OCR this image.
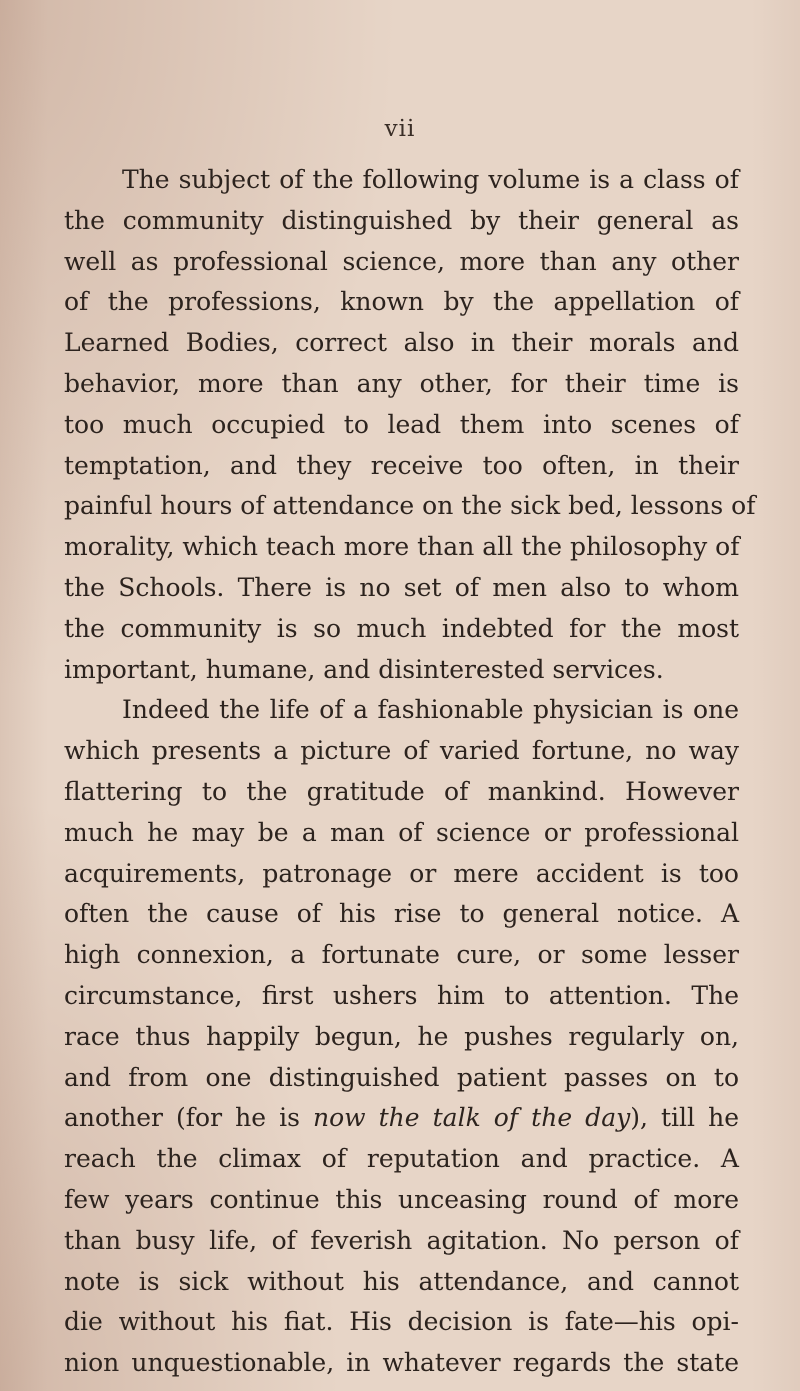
vii
The subject of the following volume is a class of
the community distinguished by their general as
well as professional science, more than any other
of the professions, known by the appellation of
Learned Bodies, correct also in their morals and
behavior, more than any other, for their time is
too much occupied to lead them into scenes of
temptation, and they receive too often, in their
painful hours of attendance on the sick bed, lessons of
morality, which teach more than all the philosophy of
the Schools. There is no set of men also to whom
the community is so much indebted for the most
important, humane, and disinterested services.
Indeed the life of a fashionable physician is one
which presents a picture of varied fortune, no way
flattering to the gratitude of mankind. However
much he may be a man of science or professional
acquirements, patronage or mere accident is too
often the cause of his rise to general notice. A
high connexion, a fortunate cure, or some lesser
circumstance, first ushers him to attention. The
race thus happily begun, he pushes regularly on,
and from one distinguished patient passes on to
another (for he is now the talk of the day), till he
reach the climax of reputation and practice. A
few years continue this unceasing round of more
than busy life, of feverish agitation. No person of
note is sick without his attendance, and cannot
die without his fiat. His decision is fate—his opi-
nion unquestionable, in whatever regards the state
